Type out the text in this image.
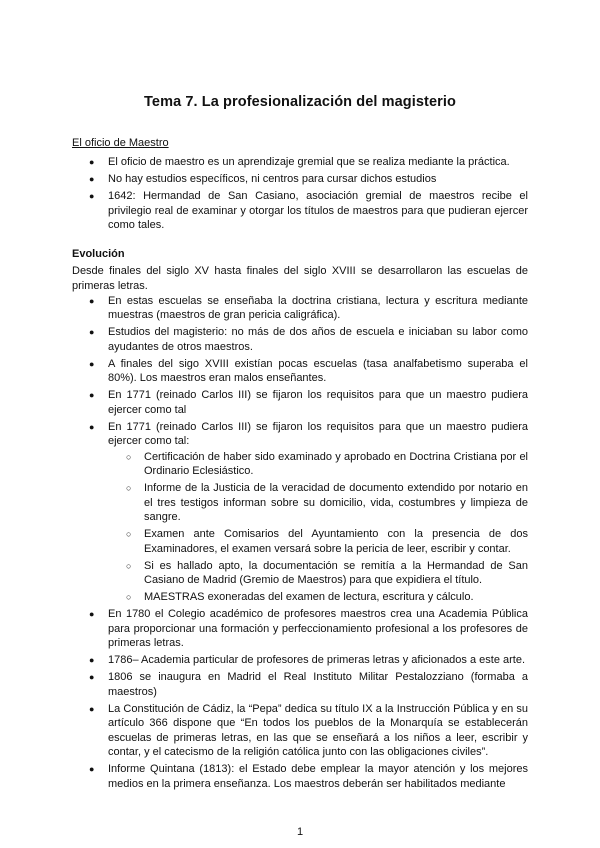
Tema 7. La profesionalización del magisterio
El oficio de Maestro
● El oficio de maestro es un aprendizaje gremial que se realiza mediante la práctica.
● No hay estudios específicos, ni centros para cursar dichos estudios
● 1642: Hermandad de San Casiano, asociación gremial de maestros recibe el privilegio real de examinar y otorgar los títulos de maestros para que pudieran ejercer como tales.
Evolución

Desde finales del siglo XV hasta finales del siglo XVIII se desarrollaron las escuelas de primeras letras.

● En estas escuelas se enseñaba la doctrina cristiana, lectura y escritura mediante muestras (maestros de gran pericia caligráfica).
● Estudios del magisterio: no más de dos años de escuela e iniciaban su labor como ayudantes de otros maestros.
● A finales del sigo XVIII existían pocas escuelas (tasa analfabetismo superaba el 80%). Los maestros eran malos enseñantes.
● En 1771 (reinado Carlos III) se fijaron los requisitos para que un maestro pudiera ejercer como tal
● En 1771 (reinado Carlos III) se fijaron los requisitos para que un maestro pudiera ejercer como tal:
○ Certificación de haber sido examinado y aprobado en Doctrina Cristiana por el Ordinario Eclesiástico.
○ Informe de la Justicia de la veracidad de documento extendido por notario en el tres testigos informan sobre su domicilio, vida, costumbres y limpieza de sangre.
○ Examen ante Comisarios del Ayuntamiento con la presencia de dos Examinadores, el examen versará sobre la pericia de leer, escribir y contar.
○ Si es hallado apto, la documentación se remitía a la Hermandad de San Casiano de Madrid (Gremio de Maestros) para que expidiera el título.
○ MAESTRAS exoneradas del examen de lectura, escritura y cálculo.
● En 1780 el Colegio académico de profesores maestros crea una Academia Pública para proporcionar una formación y perfeccionamiento profesional a los profesores de primeras letras.
● 1786– Academia particular de profesores de primeras letras y aficionados a este arte.
● 1806 se inaugura en Madrid el Real Instituto Militar Pestalozziano (formaba a maestros)
● La Constitución de Cádiz, la “Pepa” dedica su título IX a la Instrucción Pública y en su artículo 366 dispone que “En todos los pueblos de la Monarquía se establecerán escuelas de primeras letras, en las que se enseñará a los niños a leer, escribir y contar, y el catecismo de la religión católica junto con las obligaciones civiles”.
● Informe Quintana (1813): el Estado debe emplear la mayor atención y los mejores medios en la primera enseñanza. Los maestros deberán ser habilitados mediante
1
